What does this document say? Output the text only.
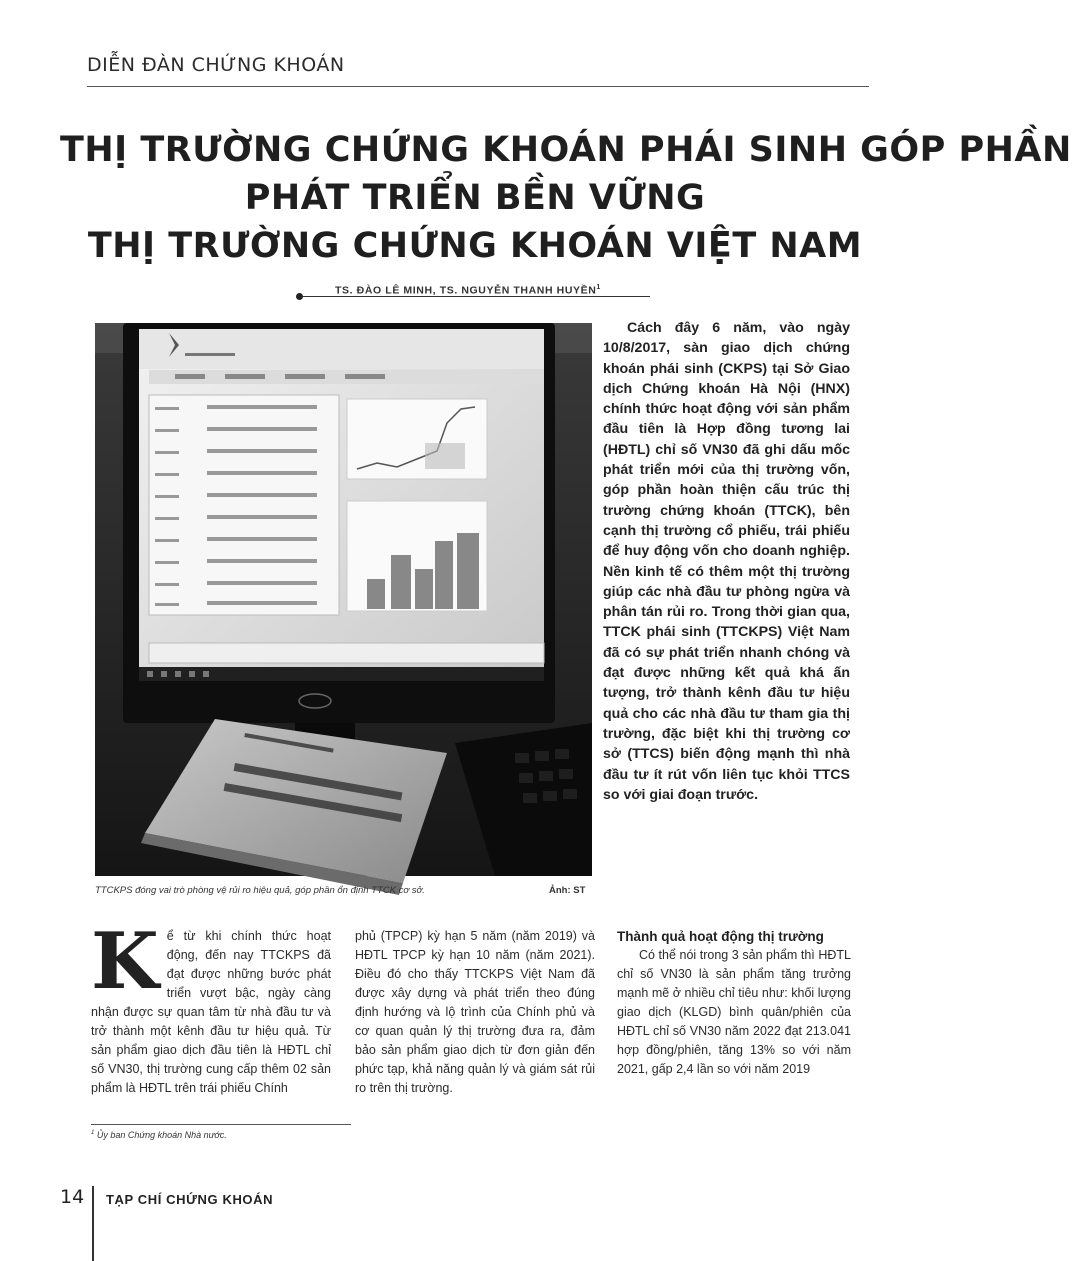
DIỄN ĐÀN CHỨNG KHOÁN
THỊ TRƯỜNG CHỨNG KHOÁN PHÁI SINH GÓP PHẦN
PHÁT TRIỂN BỀN VỮNG
THỊ TRƯỜNG CHỨNG KHOÁN VIỆT NAM
TS. ĐÀO LÊ MINH, TS. NGUYỄN THANH HUYỀN$^1$
TTCKPS đóng vai trò phòng vệ rủi ro hiệu quả, góp phần ổn định TTCK cơ sở.	Ảnh: ST
Cách đây 6 năm, vào ngày 10/8/2017, sàn giao dịch chứng khoán phái sinh (CKPS) tại Sở Giao dịch Chứng khoán Hà Nội (HNX) chính thức hoạt động với sản phẩm đầu tiên là Hợp đồng tương lai (HĐTL) chỉ số VN30 đã ghi dấu mốc phát triển mới của thị trường vốn, góp phần hoàn thiện cấu trúc thị trường chứng khoán (TTCK), bên cạnh thị trường cổ phiếu, trái phiếu để huy động vốn cho doanh nghiệp. Nền kinh tế có thêm một thị trường giúp các nhà đầu tư phòng ngừa và phân tán rủi ro. Trong thời gian qua, TTCK phái sinh (TTCKPS) Việt Nam đã có sự phát triển nhanh chóng và đạt được những kết quả khá ấn tượng, trở thành kênh đầu tư hiệu quả cho các nhà đầu tư tham gia thị trường, đặc biệt khi thị trường cơ sở (TTCS) biến động mạnh thì nhà đầu tư ít rút vốn liên tục khỏi TTCS so với giai đoạn trước.
Kể từ khi chính thức hoạt động, đến nay TTCKPS đã đạt được những bước phát triển vượt bậc, ngày càng nhận được sự quan tâm từ nhà đầu tư và trở thành một kênh đầu tư hiệu quả. Từ sản phẩm giao dịch đầu tiên là HĐTL chỉ số VN30, thị trường cung cấp thêm 02 sản phẩm là HĐTL trên trái phiếu Chính
phủ (TPCP) kỳ hạn 5 năm (năm 2019) và HĐTL TPCP kỳ hạn 10 năm (năm 2021). Điều đó cho thấy TTCKPS Việt Nam đã được xây dựng và phát triển theo đúng định hướng và lộ trình của Chính phủ và cơ quan quản lý thị trường đưa ra, đảm bảo sản phẩm giao dịch từ đơn giản đến phức tạp, khả năng quản lý và giám sát rủi ro trên thị trường.
Thành quả hoạt động thị trường
Có thể nói trong 3 sản phẩm thì HĐTL chỉ số VN30 là sản phẩm tăng trưởng mạnh mẽ ở nhiều chỉ tiêu như: khối lượng giao dịch (KLGD) bình quân/phiên của HĐTL chỉ số VN30 năm 2022 đạt 213.041 hợp đồng/phiên, tăng 13% so với năm 2021, gấp 2,4 lần so với năm 2019
$^1$ Ủy ban Chứng khoán Nhà nước.
14 TẠP CHÍ CHỨNG KHOÁN
